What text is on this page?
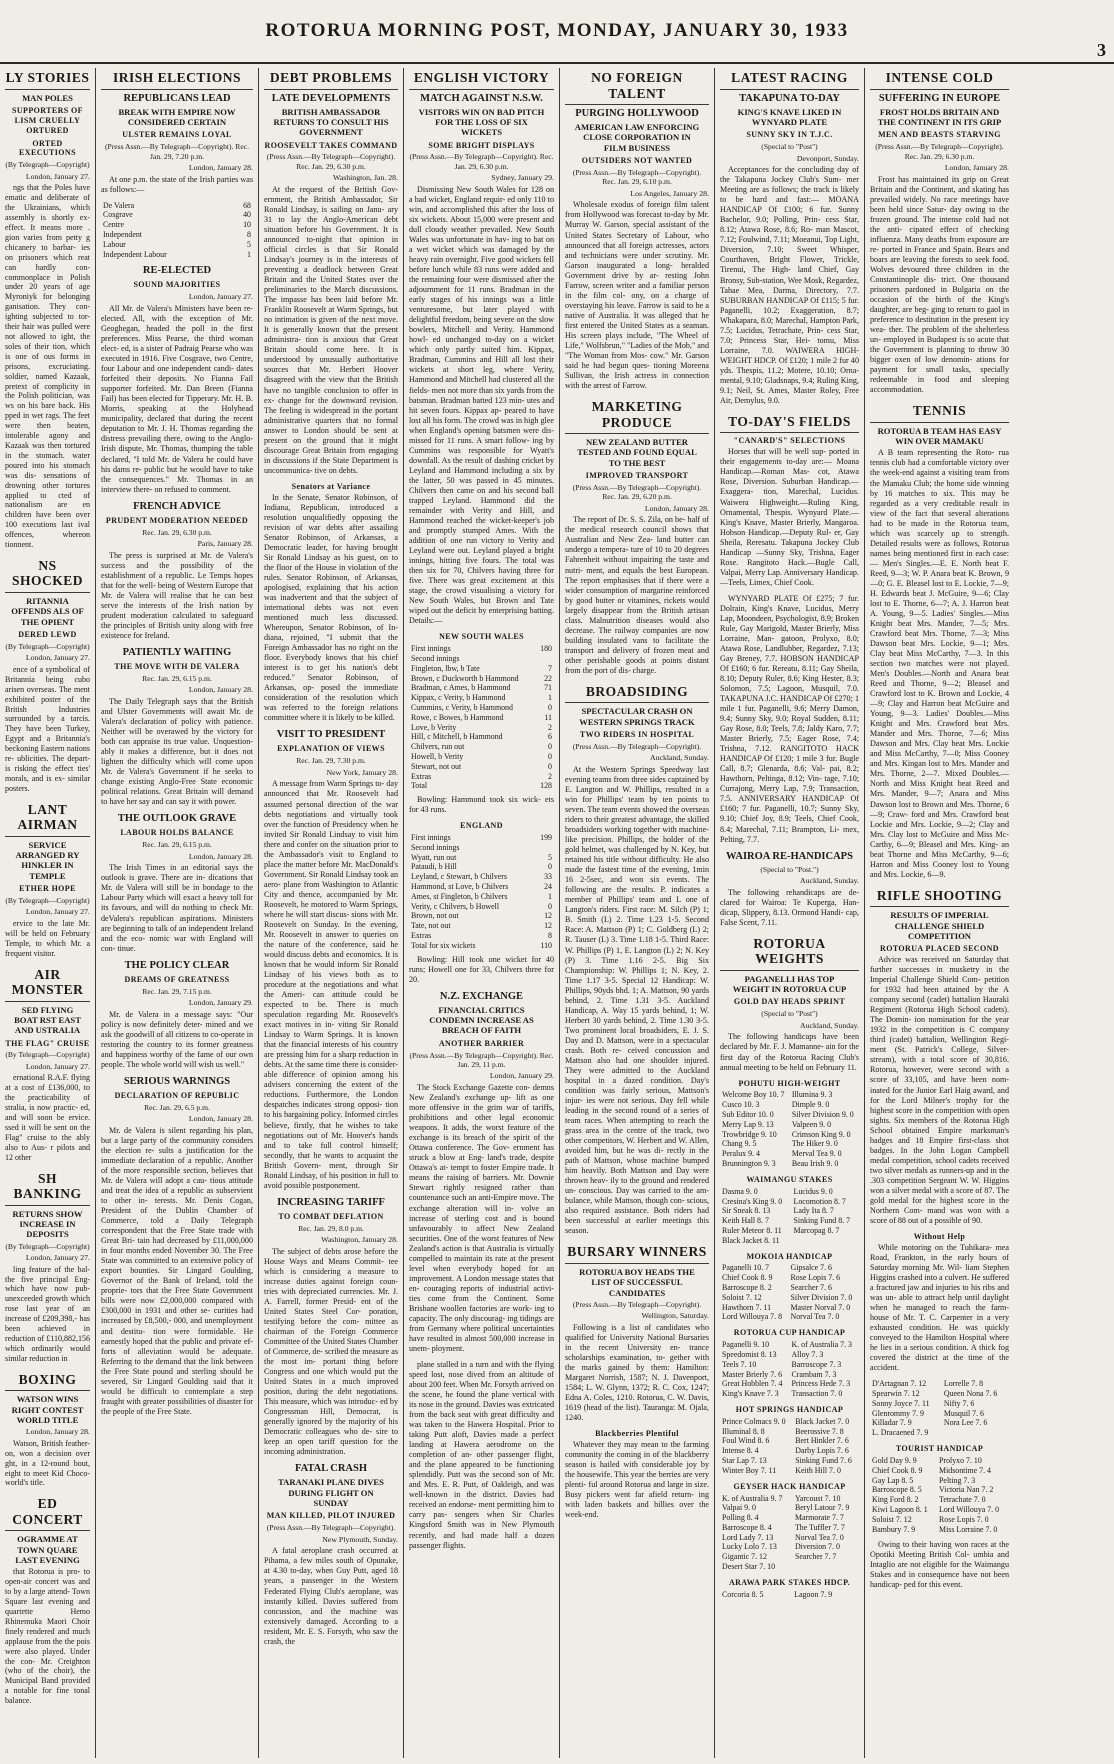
ROTORUA MORNING POST, MONDAY, JANUARY 30, 1933
3
LY STORIES
MAN POLES
SUPPORTERS OF LISM CRUELLY ORTURED
ORTED EXECUTIONS
(By Telegraph—Copyright)
London, January 27.
ngs that the Poles have ematic and deliberate of the Ukrainians, which assembly is shortly ex- effect. It means more . gion varies from petty g chicanery to barbar- ies on prisoners which reat can hardly con- commonplace in Polish under 20 years of age Myroniyk for belonging ganisation. They con- ighting subjected to tor- their hair was pulled were not allowed to ight, the soles of their tion, which is one of ous forms in prisons, excruciating. soldier, named Kazaak, pretext of complicity in the Polish politician, was ws on his bare back. His pped in wet rags. The feet were then beaten, intolerable agony and Kazaak was then tortured in the stomach. water poured into his stomach was dis- sensations of drowning other tortures applied to cted of nationalism are en children have been over 100 executions last ival offences, whereon tionnent.
NS SHOCKED
RITANNIA OFFENDS ALS OF THE OPIENT
DERED LEWD
(By Telegraph—Copyright)
London, January 27.
ence of a symbolical of Britannia being cubo arisen overseas. The ment exhibited poster of the British Industries surrounded by a tarcis. They have been Turkey, Egypt and a Britannia's beckoning Eastern nations re- ublicities. The depart- is risking the effect ties' morals, and is ex- similar posters.
LANT AIRMAN
SERVICE ARRANGED RY HINKLER IN TEMPLE
ETHER HOPE
(By Telegraph—Copyright)
London, January 27.
ervice to the late Mr. will be held on February Temple, to which Mr. a frequent visitor.
AIR MONSTER
SED FLYING BOAT RST EAST AND USTRALIA
THE FLAG" CRUISE
(By Telegraph—Copyright)
London, January 27.
ernational R.A.F. flying at a cost of £136,000, to the practicability of stralia, is now practic- ed, and will soon be ervice. ssed it will be sent on the Flag" cruise to the ably also to Aus- r pilots and 12 other
SH BANKING
RETURNS SHOW INCREASE IN DEPOSITS
(By Telegraph—Copyright)
London, January 27.
ling feature of the bal- the five principal Eng- which have now pub- unexceeded growth which rose last year of an increase of £209,398,- has been achieved in reduction of £110,882,156 which ordinarily would similar reduction in
BOXING
WATSON WINS RIGHT CONTEST WORLD TITLE
London, January 28.
Watson, British feather- on, won a decision over ght, in a 12-round bout, eight to meet Kid Choco- world's title.
ED CONCERT
OGRAMME AT TOWN QUARE LAST EVENING
that Rotorua is pro- to open-air concert was and to by a large attend- Town Square last evening and quartette Hemo Rhinemuka Maori Choir finely rendered and much applause from the the pois were also played. Under the con- Mr. Creighton (who of the choir), the Municipal Band provided a notable for fine tonal balance.
IRISH ELECTIONS
REPUBLICANS LEAD
BREAK WITH EMPIRE NOW CONSIDERED CERTAIN
ULSTER REMAINS LOYAL
(Press Assn.—By Telegraph—Copyright). Rec. Jan. 29, 7.20 p.m.
London, January 28.
At one p.m. the state of the Irish parties was as follows:—
De Valera	68
Cosgrave	40
Centre	10
Independent	8
Labour	5
Independent Labour	1
RE-ELECTED
SOUND MAJORITIES
London, January 27.
All Mr. de Valera's Ministers have been re-elected. All, with the exception of Mr. Geoghegan, headed the poll in the first preferences. Miss Pearse, the third woman elect- ed, is a sister of Padraig Pearse who was executed in 1916. Five Cosgrave, two Centre, four Labour and one independent candi- dates forfeited their deposits. No Fianna Fail supporter forfeited. Mr. Dan Breen (Fianna Fail) has been elected for Tipperary. Mr. H. B. Morris, speaking at the Holyhead municipality, declared that during the recent deputation to Mr. J. H. Thomas regarding the distress prevailing there, owing to the Anglo- Irish dispute, Mr. Thomas, thumping the table declared, "I told Mr. de Valera he could have his dams re- public but he would have to take the consequences." Mr. Thomas in an interview there- on refused to comment.
FRENCH ADVICE
PRUDENT MODERATION NEEDED
Rec. Jan. 29, 6.30 p.m.
Paris, January 28.
The press is surprised at Mr. de Valera's success and the possibility of the establishment of a republic. Le Temps hopes that for the well- being of Western Europe that Mr. de Valera will realise that he can best serve the interests of the Irish nation by prudent moderation calculated to safeguard the principles of British unity along with free existence for Ireland.
PATIENTLY WAITING
THE MOVE WITH DE VALERA
Rec. Jan. 29, 6.15 p.m.
London, January 28.
The Daily Telegraph says that the British and Ulster Governments will await Mr. de Valera's declaration of policy with patience. Neither will be overawed by the victory for both can appraise its true value. Unquestion- ably it makes a difference, but it does not lighten the difficulty which will come upon Mr. de Valera's Government if he seeks to change existing Anglo-Free State economic political relations. Great Britain will demand to have her say and can say it with power.
THE OUTLOOK GRAVE
LABOUR HOLDS BALANCE
Rec. Jan. 29, 6.15 p.m.
London, January 28.
The Irish Times in an editorial says the outlook is grave. There are in- dications that Mr. de Valera will still be in bondage to the Labour Party which will exact a heavy toll for its favours, and will do nothing to check Mr. deValera's republican aspirations. Ministers are beginning to talk of an independent Ireland and the eco- nomic war with England will con- tinue.
THE POLICY CLEAR
DREAMS OF GREATNESS
Rec. Jan. 29, 7.15 p.m.
London, January 29.
Mr. de Valera in a message says: "Our policy is now definitely deter- mined and we ask the goodwill of all citizens to co-operate in restoring the country to its former greatness and happiness worthy of the fame of our own people. The whole world will wish us well."
SERIOUS WARNINGS
DECLARATION OF REPUBLIC
Rec. Jan. 29, 6.5 p.m.
London, January 28.
Mr. de Valera is silent regarding his plan, but a large party of the community considers the election re- sults a justification for the immediate declaration of a republic. Another of the more responsible section, believes that Mr. de Valera will adopt a cau- tious attitude and treat the idea of a republic as subservient to other in- terests. Mr. Denis Cogan, President of the Dublin Chamber of Commerce, told a Daily Telegraph correspondent that the Free State trade with Great Bri- tain had decreased by £11,000,000 in four months ended November 30. The Free State was committed to an extensive policy of export bounties. Sir Lingard Goulding, Governor of the Bank of Ireland, told the proprie- tors that the Free State Government bills were now £2,000,000 compared with £300,000 in 1931 and other se- curities had increased by £8,500,- 000, and unemployment and destitu- tion were formidable. He earnestly hoped that the public and private ef- forts of alleviation would be adequate. Referring to the demand that the link between the Free State pound and sterling should be severed, Sir Lingard Goulding said that it would be difficult to contemplate a step fraught with greater possibilities of disaster for the people of the Free State.
DEBT PROBLEMS
LATE DEVELOPMENTS
BRITISH AMBASSADOR RETURNS TO CONSULT HIS GOVERNMENT
ROOSEVELT TAKES COMMAND
(Press Assn.—By Telegraph—Copyright). Rec. Jan. 29, 6.30 p.m.
Washington, Jan. 28.
At the request of the British Gov- ernment, the British Ambassador, Sir Ronald Lindsay, is sailing on Janu- ary 31 to lay the Anglo-American debt situation before his Government. It is announced to-night that opinion in official circles is that Sir Ronald Lindsay's journey is in the interests of preventing a deadlock between Great Britain and the United States over the preliminaries to the March discussions. The impasse has been laid before Mr. Franklin Roosevelt at Warm Springs, but no intimation is given of the next move. It is generally known that the present administra- tion is anxious that Great Britain should come here. It is understood by unusually authoritative sources that Mr. Herbert Hoover disagreed with the view that the British have no tangible conclusion to offer in ex- change for the downward revision. The feeling is widespread in the portant administrative quarters that no formal answer to London should be sent at present on the ground that it might discourage Great Britain from engaging in discussions if the State Department is uncommunica- tive on debts.
Senators at Variance
In the Senate, Senator Robinson, of Indiana, Republican, introduced a resolution unqualifiedly opposing the revision of war debts after assailing Senator Robinson, of Arkansas, a Democratic leader, for having brought Sir Ronald Lindsay as his guest, on to the floor of the House in violation of the rules. Senator Robinson, of Arkansas, apologised, explaining that his action was inadvertent and that the subject of international debts was not even mentioned much less discussed. Whereupon, Senator Robinson, of In- diana, rejoined, "I submit that the Foreign Ambassador has no right on the floor. Everybody knows that his chief interest is to get his nation's debt reduced." Senator Robinson, of Arkansas, op- posed the immediate consideration of the resolution which was referred to the foreign relations committee where it is likely to be killed.
VISIT TO PRESIDENT
EXPLANATION OF VIEWS
Rec. Jan. 29, 7.30 p.m.
New York, January 28.
A message from Warm Springs to- day announced that Mr. Roosevelt had assumed personal direction of the war debts negotiations and virtually took over the function of Presidency when he invited Sir Ronald Lindsay to visit him there and confer on the situation prior to the Ambassador's visit to England to place the matter before Mr. MacDonald's Government. Sir Ronald Lindsay took an aero- plane from Washington to Atlantic City and thence, accompanied by Mr. Roosevelt, he motored to Warm Springs, where he will start discus- sions with Mr. Roosevelt on Sunday. In the evening, Mr. Roosevelt in answer to queries on the nature of the conference, said he would discuss debts and economics. It is known that he would inform Sir Ronald Lindsay of his views both as to procedure at the negotiations and what the Ameri- can attitude could be expected to be. There is much speculation regarding Mr. Roosevelt's exact motives in in- viting Sir Ronald Lindsay to Warm Springs. It is known that the financial interests of his country are pressing him for a sharp reduction in debts. At the same time there is consider- able difference of opinion among his advisers concerning the extent of the reductions. Furthermore, the London despatches indicates strong opposi- tion to his bargaining policy. Informed circles believe, firstly, that he wishes to take negotiations out of Mr. Hoover's hands and to take full control himself; secondly, that he wants to acquaint the British Govern- ment, through Sir Ronald Lindsay, of his position in full to avoid possible postponement.
INCREASING TARIFF
TO COMBAT DEFLATION
Rec. Jan. 29, 8.0 p.m.
Washington, January 28.
The subject of debts arose before the House Ways and Means Commit- tee which is considering a measure to increase duties against foreign coun- tries with depreciated currencies. Mr. J. A. Farrell, former Presid- ent of the United States Steel Cor- poration, testifying before the com- mittee as chairman of the Foreign Commerce Committee of the United States Chamber of Commerce, de- scribed the measure as the most im- portant thing before Congress and one which would put the United States in a much improved position, during the debt negotiations. This measure, which was introduc- ed by Congressman Hill, Democrat, is generally ignored by the majority of his Democratic colleagues who de- sire to keep an open tariff question for the incoming administration.
FATAL CRASH
TARANAKI PLANE DIVES DURING FLIGHT ON SUNDAY
MAN KILLED, PILOT INJURED
(Press Assn.—By Telegraph—Copyright).
New Plymouth, Sunday.
A fatal aeroplane crash occurred at Pihama, a few miles south of Opunake, at 4.30 to-day, when Guy Putt, aged 18 years, a passenger in the Western Federated Flying Club's aeroplane, was instantly killed. Davies suffered from concussion, and the machine was extensively damaged. According to a resident, Mr. E. S. Forsyth, who saw the crash, the
ENGLISH VICTORY
MATCH AGAINST N.S.W.
VISITORS WIN ON BAD PITCH FOR THE LOSS OF SIX WICKETS
SOME BRIGHT DISPLAYS
(Press Assn.—By Telegraph—Copyright). Rec. Jan. 29, 6.30 p.m.
Sydney, January 29.
Dismissing New South Wales for 128 on a bad wicket, England requir- ed only 110 to win, and accomplished this after the loss of six wickets. About 15,000 were present and dull cloudy weather prevailed. New South Wales was unfortunate in hav- ing to bat on a wet wicket which was damaged by the heavy rain overnight. Five good wickets fell before lunch while 83 runs were added and the remaining four were dismissed after the adjournment for 11 runs. Bradman in the early stages of his innings was a little venturesome, but later played with delightful freedom, being severe on the slow bowlers, Mitchell and Verity. Hammond howl- ed unchanged to-day on a wicket which only partly suited him. Kippax, Bradman, Cummins and Hill all lost their wickets at short leg, where Verity, Hammond and Mitchell had clustered all the fields- men not more than six yards from the batsman. Bradman batted 123 min- utes and hit seven fours. Kippax ap- peared to have lost all his form. The crowd was in high glee when England's opening batsmen were dis- missed for 11 runs. A smart follow- ing by Cummins was responsible for Wyatt's downfall. As the result of dashing cricket by Leyland and Hammond including a six by the latter, 50 was passed in 45 minutes. Chilvers then came on and his second ball trapped Leyland. Hammond did the remainder with Verity and Hill, and Hammond reached the wicket-keeper's job and promptly stumped Ames. With the addition of one run victory to Verity and Leyland were out. Leyland played a bright innings, hitting five fours. The total was then six for 70, Chilvers having three for five. There was great excitement at this stage, the crowd visualising a victory for New South Wales, but Brown and Tate wiped out the deficit by enterprising batting. Details:—
NEW SOUTH WALES
First innings	180
Second innings	
Fingleton, lbw, b Tate	7
Brown, c Duckworth b Hammond	22
Bradman, c Ames, b Hammond	71
Kippax, c Verity, b Hammond	1
Cummins, c Verity, b Hammond	0
Rowe, c Bowes, b Hammond	11
Love, b Verity	2
Hill, c Mitchell, b Hammond	6
Chilvers, run out	0
Howell, b Verity	0
Stewart, not out	0
Extras	2
Total	128
Bowling: Hammond took six wick- ets for 43 runs.
ENGLAND
First innings	199
Second innings	
Wyatt, run out	5
Pataudi, b Hill	0
Leyland, c Stewart, b Chilvers	33
Hammond, st Love, b Chilvers	24
Ames, st Fingleton, b Chilvers	1
Verity, c Chilvers, b Howell	0
Brown, not out	12
Tate, not out	12
Extras	8
Total for six wickets	110
Bowling: Hill took one wicket for 40 runs; Howell one for 33, Chilvers three for 20.
N.Z. EXCHANGE
FINANCIAL CRITICS CONDEMN INCREASE AS BREACH OF FAITH
ANOTHER BARRIER
(Press Assn.—By Telegraph—Copyright). Rec. Jan. 29, 11 p.m.
London, January 29.
The Stock Exchange Gazette con- demns New Zealand's exchange up- lift as one more offensive in the grim war of tariffs, prohibitions and other legal economic weapons. It adds, the worst feature of the exchange is its breach of the spirit of the Ottawa conference. The Gov- ernment has struck a blow at Eng- land's trade, despite Ottawa's at- tempt to foster Empire trade. It means the raising of barriers. Mr. Downie Stewart rightly resigned rather than countenance such an anti-Empire move. The exchange alteration will in- volve an increase of sterling cost and is bound unfavourably to affect New Zealand securities. One of the worst features of New Zealand's action is that Australia is virtually compelled to maintain its rate at the present level when everybody hoped for an improvement. A London message states that en- couraging reports of industrial activi- ties come from the Continent. Some Brisbane woollen factories are work- ing to capacity. The only discourag- ing tidings are from Germany where political uncertainties have resulted in almost 500,000 increase in unem- ployment.
plane stalled in a turn and with the flying speed lost, nose dived from an altitude of about 200 feet. When Mr. Forsyth arrived on the scene, he found the plane vertical with its nose in the ground. Davies was extricated from the back seat with great difficulty and was taken to the Hawera Hospital. Prior to taking Putt aloft, Davies made a perfect landing at Hawera aerodrome on the completion of an- other passenger flight, and the plane appeared to be functioning splendidly. Putt was the second son of Mr. and Mrs. E. R. Putt, of Oakleigh, and was well-known in the district. Davies had received an endorse- ment permitting him to carry pas- sengers when Sir Charles Kingsford Smith was in New Plymouth recently, and had made half a dozen passenger flights.
NO FOREIGN TALENT
PURGING HOLLYWOOD
AMERICAN LAW ENFORCING CLOSE CORPORATION IN FILM BUSINESS
OUTSIDERS NOT WANTED
(Press Assn.—By Telegraph—Copyright). Rec. Jan. 29, 6.10 p.m.
Los Angeles, January 28.
Wholesale exodus of foreign film talent from Hollywood was forecast to-day by Mr. Murray W. Garson, special assistant of the United States Secretary of Labour, who announced that all foreign actresses, actors and technicians were under scrutiny. Mr. Garson inaugurated a long- heralded Government drive by ar- resting John Farrow, screen writer and a familiar person in the film col- ony, on a charge of overstaying his leave. Farrow is said to be a native of Australia. It was alleged that he first entered the United States as a seaman. His screen plays include, "The Wheel of Life," Wolfsbrun," "Ladies of the Mob," and "The Woman from Mos- cow." Mr. Garson said he had begun ques- tioning Moreena Sullivan, the Irish actress in connection with the arrest of Farrow.
MARKETING PRODUCE
NEW ZEALAND BUTTER TESTED AND FOUND EQUAL TO THE BEST
IMPROVED TRANSPORT
(Press Assn.—By Telegraph—Copyright). Rec. Jan. 29, 6.20 p.m.
London, January 28.
The report of Dr. S. S. Zila, on be- half of the medical research council shows that Australian and New Zea- land butter can undergo a tempera- ture of 10 to 20 degrees Fahrenheit without impairing the taste and nutri- ment, and equals the best European. The report emphasises that if there were a wider consumption of margarine reinforced by good butter or vitamines, rickets would largely disappear from the British artisan class. Malnutrition diseases would also decrease. The railway companies are now building insulated vans to facilitate the transport and delivery of frozen meat and other perishable goods at points distant from the port of dis- charge.
BROADSIDING
SPECTACULAR CRASH ON WESTERN SPRINGS TRACK
TWO RIDERS IN HOSPITAL
(Press Assn.—By Telegraph—Copyright).
Auckland, Sunday.
At the Western Springs Speedway last evening teams from three sides captained by E. Langton and W. Phillips, resulted in a win for Phillips' team by ten points to seven. The team events showed the overseas riders to their greatest advantage, the skilled broadsiders working together with machine-like precision. Phillips, the holder of the gold helmet, was challenged by N. Key, but retained his title without difficulty. He also made the fastest time of the evening, 1min 16 2-5sec, and won six events. The following are the results. P. indicates a member of Phillips' team and L one of Langton's riders. First race: M. Silch (P) 1; B. Smith (L) 2. Time 1.23 1-5. Second Race: A. Mattson (P) 1; C. Goldberg (L) 2; R. Tauser (L) 3. Time 1.18 1-5. Third Race: W. Phillips (P) 1, E. Langton (L) 2; N. Key (P) 3. Time 1.16 2-5. Big Six Championship: W. Phillips 1; N. Key, 2. Time 1.17 3-5. Special 12 Handicap: W. Phillips, 90yds bhd. 1; A. Mattson, 90 yards behind, 2. Time 1.31 3-5. Auckland Handicap, A. Way 15 yards behind, 1; W. Herbert 30 yards behind, 2. Time 1.30 3-5. Two prominent local broadsiders, E. J. S. Day and D. Mattson, were in a spectacular crash. Both re- ceived concussion and Mattson also had one shoulder injured. They were admitted to the Auckland hospital in a dazed condition. Day's condition was fairly serious, Mattson's injur- ies were not serious. Day fell while leading in the second round of a series of team races. When attempting to reach the grass area in the centre of the track, two other competitors, W. Herbert and W. Allen, avoided him, but he was di- rectly in the path of Mattson, whose machine bumped him heavily. Both Mattson and Day were thrown heav- ily to the ground and rendered un- conscious. Day was carried to the am- bulance, while Mattson, though con- scious, also required assistance. Both riders had been successful at earlier meetings this season.
BURSARY WINNERS
ROTORUA BOY HEADS THE LIST OF SUCCESSFUL CANDIDATES
(Press Assn.—By Telegraph—Copyright).
Wellington, Saturday.
Following is a list of candidates who qualified for University National Bursaries in the recent University en- trance scholarships examination, to- gether with the marks gained by them: Hamilton: Margaret Norrish, 1587; N. J. Davenport, 1584; L. W. Glynn, 1372; R. C. Cox, 1247; Edna A. Coles, 1210. Rotorua, C. W. Davis, 1619 (head of the list). Tauranga: M. Ojala, 1240.
Blackberries Plentiful
Whatever they may mean to the farming community the coming in of the blackberry season is hailed with considerable joy by the housewife. This year the berries are very plenti- ful around Rotorua and large in size. Busy pickers went far afield return- ing with laden baskets and billies over the week-end.
LATEST RACING
TAKAPUNA TO-DAY
KING'S KNAVE LIKED IN WYNYARD PLATE
SUNNY SKY IN T.J.C.
(Special to "Post")
Devonport, Sunday.
Acceptances for the concluding day of the Takapuna Jockey Club's Sum- mer Meeting are as follows; the track is likely to be hard and fast:— MOANA HANDICAP Of £100; 6 fur. Sunny Bachelor, 9.0; Polling, Prin- cess Star, 8.12; Atawa Rose, 8.6; Ro- man Mascot, 7.12; Foulwind, 7.11; Moeanui, Top Light, Diversion, 7.10; Sweet Whisper, Courthaven, Bright Flower, Trickle, Tirenui, The High- land Chief, Gay Bronsy, Sub-station, Wee Mosk, Regardez, Tahae Mea, Darma, Directory, 7.7. SUBURBAN HANDICAP Of £115; 5 fur. Paganelli, 10.2; Exaggeration, 8.7; Whakapara, 8.0; Marechal, Hampton Park, 7.5; Lucidus, Tetrachate, Prin- cess Star, 7.0; Princess Star, Hei- tomu, Miss Lorraine, 7.0. WAIWERA HIGH-WEIGHT HDCP. Of £120; 1 mile 2 fur 40 yds. Thespis, 11.2; Motere, 10.10; Orna- mental, 9.10; Gladsnaps, 9.4; Ruling King, 9.1; Neil, St. Ames, Master Roley, Free Air, Demylus, 9.0.
TO-DAY'S FIELDS
"CANARD'S" SELECTIONS
Horses that will be well sup- ported in their engagements to-day are:— Moana Handicap.—Roman Mas- cot, Atawa Rose, Diversion. Suburban Handicap.—Exaggera- tion, Marechal, Lucidus. Waiwera Highweight.—Ruling King, Ornamental, Thespis. Wynyard Plate.—King's Knave, Master Brierly, Mangaroa. Hobson Handicap.—Deputy Rul- er, Gay Sheila, Reresatu. Takapuna Jockey Club Handicap —Sunny Sky, Trishna, Eager Rose. Rangitoto Hack.—Bugle Call, Valpai, Merry Lap. Anniversary Handicap.—Teels, Limex, Chief Cook.
WYNYARD PLATE Of £275; 7 fur. Dolrain, King's Knave, Lucidus, Merry Lap, Moondeen, Psychologist, 8.9; Broken Rule, Gay Marigold, Master Brierly, Miss Lorraine, Man- gatoon, Prolyxo, 8.0; Atawa Rose, Landlubber, Regardez, 7.13; Gay Breney, 7.7. HOBSON HANDICAP Of £160; 6 fur. Rereatu, 8.11; Gay Sheila, 8.10; Deputy Ruler, 8.6; King Hester, 8.3; Solomon, 7.5; Lagoon, Musquil, 7.0. TAKAPUNA J.C. HANDICAP Of £270; 1 mile 1 fur. Paganelli, 9.6; Merry Damon, 9.4; Sunny Sky, 9.0; Royal Sudden, 8.11; Gay Rose, 8.0; Teels, 7.8; Jaldy Karo, 7.7; Master Brierly, 7.5; Eager Rose, 7.4; Trishna, 7.12. RANGITOTO HACK HANDICAP Of £120; 1 mile 3 fur. Bugle Call, 8.7; Glenarda, 8.6; Val- pai, 8.2; Hawthorn, Peltinga, 8.12; Vin- tage, 7.10; Currajong, Merry Lap, 7.9; Transaction, 7.5. ANNIVERSARY HANDICAP Of £160; 7 fur. Paganelli, 10.7; Sunny Sky, 9.10; Chief Joy, 8.9; Teels, Chief Cook, 8.4; Marechal, 7.11; Brampton, Li- mex, Pelting, 7.7.
WAIROA RE-HANDICAPS
(Special to "Post.")
Auckland, Sunday.
The following rehandicaps are de- clared for Wairoa: Te Kuperga, Han- dicap, Slippery, 8.13. Ormond Handi- cap, False Scent, 7.11.
ROTORUA WEIGHTS
PAGANELLI HAS TOP WEIGHT IN ROTORUA CUP
GOLD DAY HEADS SPRINT
(Special to "Post")
Auckland, Sunday.
The following handicaps have been declared by Mr. F. J. Mamanne- ain for the first day of the Rotorua Racing Club's annual meeting to be held on February 11.
POHUTU HIGH-WEIGHT
Welcome Boy 10. 7	Illumina 9. 3
Cusco 10. 3	Dimple 9. 0
Sub Editor 10. 0	Silver Division 9. 0
Merry Lap 9. 13	Valpeen 9. 0
Trowbridge 9. 10	Crimson King 9. 0
Chang 9. 5	The Hiker 9. 0
Peralux 9. 4	Merval Tea 9. 0
Brunnington 9. 3	Beau Irish 9. 0
WAIMANGU STAKES
Dasma 9. 0	Lucidus 9. 0
Cresina's King 9. 0	Locomotion 8. 7
Sir Sneak 8. 13	Lady Ita 8. 7
Keith Hall 8. 7	Sinking Fund 8. 7
Ruler Meteor 8. 11	Marcopag 8. 7
Black Jacket 8. 11	
MOKOIA HANDICAP
Paganelli 10. 7	Gipsalce 7. 6
Chief Cook 8. 9	Rose Lopis 7. 6
Barroscope 8. 2	Searcher 7. 6
Soloist 7. 12	Silver Division 7. 0
Hawthorn 7. 11	Master Norval 7. 0
Lord Willouya 7. 8	Norval Tea 7. 0
ROTORUA CUP HANDICAP
Paganelli 9. 10	K. of Australia 7. 3
Speedomist 8. 13	Alloy 7. 3
Teels 7. 10	Barroscope 7. 3
Master Brierly 7. 6	Crambam 7. 3
Great Hobblen 7. 4	Princess Hede 7. 3
King's Knave 7. 3	Transaction 7. 0
HOT SPRINGS HANDICAP
Prince Colmacs 9. 0	Black Jacket 7. 0
Illuminal 8. 8	Beerossive 7. 8
Foul Wind 8. 6	Bert Hinkler 7. 6
Intense 8. 4	Darby Lopis 7. 6
Star Lap 7. 13	Sinking Fund 7. 6
Winter Boy 7. 11	Keith Hill 7. 0
GEYSER HACK HANDICAP
K. of Australia 9. 7	Yarcoust 7. 10
Valpai 9. 0	Beryl Latour 7. 9
Polling 8. 4	Marmorate 7. 7
Barroscope 8. 4	The Tuffler 7. 7
Lord Lady 7. 13	Norval Tea 7. 0
Lucky Lolo 7. 13	Diversion 7. 0
Gigantic 7. 12	Searcher 7. 7
Desert Star 7. 10	
ARAWA PARK STAKES HDCP.
Corcoria 8. 5	Lagoon 7. 9
INTENSE COLD
SUFFERING IN EUROPE
FROST HOLDS BRITAIN AND THE CONTINENT IN ITS GRIP
MEN AND BEASTS STARVING
(Press Assn.—By Telegraph—Copyright). Rec. Jan. 29, 6.30 p.m.
London, January 28.
Frost has maintained its grip on Great Britain and the Continent, and skating has prevailed widely. No race meetings have been held since Satur- day owing to the frozen ground. The intense cold had not the anti- cipated effect of checking influenza. Many deaths from exposure are re- ported in France and Spain. Bears and boars are leaving the forests to seek food. Wolves devoured three children in the Constantinople dis- trict. One thousand prisoners pardoned in Bulgaria on the occasion of the birth of the King's daughter, are beg- ging to return to gaol in preference to destitution in the present icy wea- ther. The problem of the shelterless un- employed in Budapest is so acute that the Government is planning to throw 30 bigger oxen of low denomin- ations for payment for small tasks, specially redeemable in food and sleeping accommodation.
TENNIS
ROTORUA B TEAM HAS EASY WIN OVER MAMAKU
A B team representing the Roto- rua tennis club had a comfortable victory over the week-end against a visiting team from the Mamaku Club; the home side winning by 16 matches to six. This may be regarded as a very creditable result in view of the fact that several alterations had to be made in the Rotorua team, which was scarcely up to strength. Detailed results were as follows, Rotorua names being mentioned first in each case:— Men's Singles.—E. E. North beat F. Reed, 9—3; W. P. Anara beat K. Brown, 9—0; G. E. Bleasel lost to E. Lockie, 7—9; H. Edwards beat J. McGuire, 9—6; Clay lost to E. Thorne, 6—7; A. J. Harron beat A. Young, 9—5. Ladies' Singles.—Miss Knight beat Mrs. Mander, 7—5; Mrs. Crawford beat Mrs. Thorne, 7—3; Miss Dawson beat Mrs. Lockie, 9—1; Mrs. Clay beat Miss McCarthy, 7—3. In this section two matches were not played. Men's Doubles.—North and Anara beat Reed and Thorne, 9—2; Bleasel and Crawford lost to K. Brown and Lockie, 4—9; Clay and Harron beat McGuire and Young, 9—3. Ladies' Doubles.—Miss Knight and Mrs. Crawford beat Mrs. Mander and Mrs. Thorne, 7—6; Miss Dawson and Mrs. Clay beat Mrs. Lockie and Miss McCarthy, 7—0; Miss Cooney and Mrs. Kingan lost to Mrs. Mander and Mrs. Thorne, 2—7. Mixed Doubles.—North and Miss Knight beat Reed and Mrs. Mander, 9—7; Anara and Miss Dawson lost to Brown and Mrs. Thorne, 6—9; Craw- ford and Mrs. Crawford beat Lockie and Mrs. Lockie, 9—2; Clay and Mrs. Clay lost to McGuire and Miss Mc- Carthy, 6—9; Bleasel and Mrs. King- an beat Thorne and Miss McCarthy, 9—6; Harron and Miss Cooney lost to Young and Mrs. Lockie, 6—9.
RIFLE SHOOTING
RESULTS OF IMPERIAL CHALLENGE SHIELD COMPETITION
ROTORUA PLACED SECOND
Advice was received on Saturday that further successes in musketry in the Imperial Challenge Shield Com- petition for 1932 had been attained by the A company second (cadet) battalion Hauraki Regiment (Rotorua High School cadets). The Domin- ion nomination for the year 1932 in the competition is C company third (cadet) battalion, Wellington Regi- ment (St. Patrick's College, Silver- stream), with a total score of 30,816. Rotorua, however, were second with a score of 33,105, and have been nom- inated for the Junior Earl Haig award, and for the Lord Milner's trophy for the highest score in the competition with open sights. Six members of the Rotorua High School obtained Empire marksman's badges and 18 Empire first-class shot badges. In the John Logan Campbell medal competition, school cadets received two silver medals as runners-up and in the .303 competition Sergeant W. W. Higgins won a silver medal with a score of 87. The gold medal for the highest score in the Northern Com- mand was won with a score of 88 out of a possible of 90.
Without Help
While motoring on the Tuhikara- mea Road, Frankton, in the early hours of Saturday morning Mr. Wil- liam Stephen Higgins crashed into a culvert. He suffered a fractured jaw and injuries to his ribs and was un- able to attract help until daylight when he managed to reach the farm- house of Mr. T. C. Carpenter in a very exhausted condition. He was quickly conveyed to the Hamilton Hospital where he lies in a serious condition. A thick fog covered the district at the time of the accident.
D'Artagnan 7. 12	Lorrelle 7. 8
Spearwin 7. 12	Queen Nona 7. 6
Sonny Joyce 7. 11	Nifty 7. 6
Glenrommy 7. 9	Musquil 7. 6
Killadar 7. 9	Nora Lee 7. 6
L. Dracaened 7. 9	
TOURIST HANDICAP
Gold Day 9. 9	Prolyxo 7. 10
Chief Cook 8. 9	Midsontime 7. 4
Gay Lap 8. 5	Pelting 7. 3
Barroscope 8. 5	Victoria Nan 7. 2
King Ford 8. 2	Tetrachate 7. 0
Kiwi Lagoon 8. 1	Lord Willouya 7. 0
Soloist 7. 12	Rose Lopis 7. 0
Bambury 7. 9	Miss Lorraine 7. 0
Owing to their having won races at the Opotiki Meeting British Col- umbia and Intaglio are not eligible for the Waimangu Stakes and in consequence have not been handicap- ped for this event.
